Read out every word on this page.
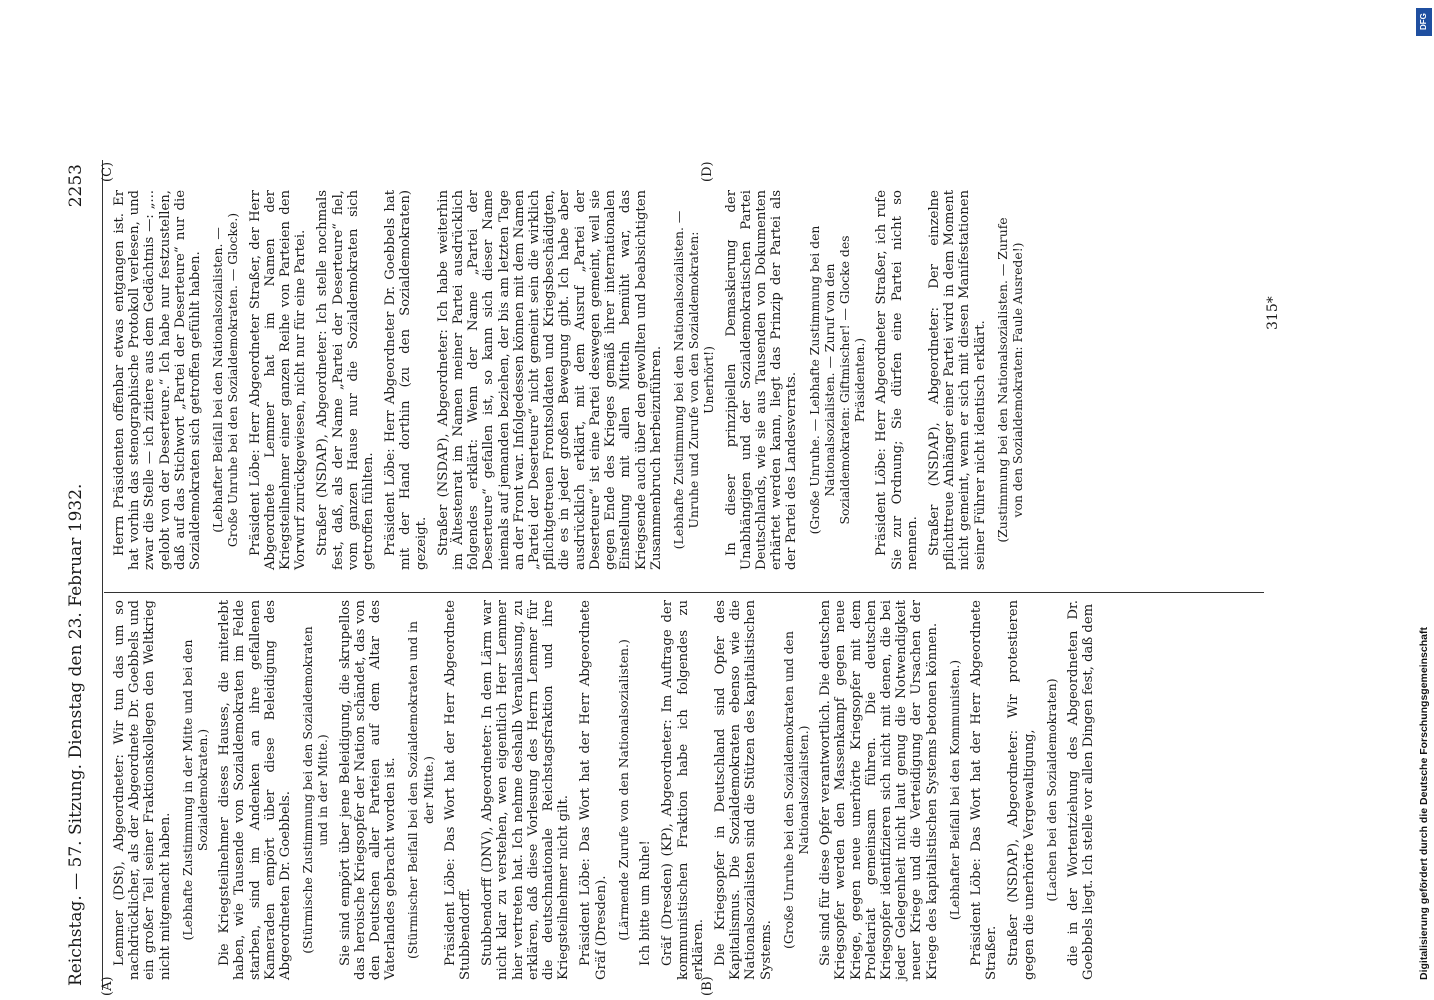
Reichstag. — 57. Sitzung. Dienstag den 23. Februar 1932.
2253

Lemmer (DSt), Abgeordneter: Wir tun das um so nachdrücklicher, als der Abgeordnete Dr. Goebbels und ein großer Teil seiner Fraktionskollegen den Weltkrieg nicht mitgemacht haben. (Lebhafte Zustimmung in der Mitte und bei den Sozialdemokraten.) Die Kriegsteilnehmer dieses Hauses, die miterlebt haben, wie Tausende von Sozialdemokraten im Felde starben, sind im Andenken an ihre gefallenen Kameraden empört über diese Beleidigung des Abgeordneten Dr. Goebbels. (Stürmische Zustimmung bei den Sozialdemokraten und in der Mitte.) Sie sind empört über jene Beleidigung, die skrupellos das heroische Kriegsopfer der Nation schändet, das von den Deutschen aller Parteien auf dem Altar des Vaterlandes gebracht worden ist. (Stürmischer Beifall bei den Sozialdemokraten und in der Mitte.) Präsident Löbe: Das Wort hat der Herr Abgeordnete Stubbendorff. Stubbendorff (DNV), Abgeordneter: In dem Lärm war nicht klar zu verstehen, wen eigentlich Herr Lemmer hier vertreten hat. Ich nehme deshalb Veranlassung, zu erklären, daß diese Vorlesung des Herrn Lemmer für die deutschnationale Reichstagsfraktion und ihre Kriegsteilnehmer nicht gilt. Präsident Löbe: Das Wort hat der Herr Abgeordnete Gräf (Dresden). (Lärmende Zurufe von den Nationalsozialisten.) Ich bitte um Ruhe! Gräf (Dresden) (KP), Abgeordneter: Im Auftrage der kommunistischen Fraktion habe ich folgendes zu erklären. Die Kriegsopfer in Deutschland sind Opfer des Kapitalismus. Die Sozialdemokraten ebenso wie die Nationalsozialisten sind die Stützen des kapitalistischen Systems.

(Große Unruhe bei den Sozialdemokraten und den Nationalsozialisten.) Sie sind für diese Opfer verantwortlich. Die deutschen Kriegsopfer werden den Massenkampf gegen neue Kriege, gegen neue unerhörte Kriegsopfer mit dem Proletariat gemeinsam führen. Die deutschen Kriegsopfer identifizieren sich nicht mit denen, die bei jeder Gelegenheit nicht laut genug die Notwendigkeit neuer Kriege und die Verteidigung der Ursachen der Kriege des kapitalistischen Systems betonen können. (Lebhafter Beifall bei den Kommunisten.) Präsident Löbe: Das Wort hat der Herr Abgeordnete Straßer. Straßer (NSDAP), Abgeordneter: Wir protestieren gegen die unerhörte Vergewaltigung, (Lachen bei den Sozialdemokraten) die in der Wortentziehung des Abgeordneten Dr. Goebbels liegt. Ich stelle vor allen Dingen fest, daß dem

Herrn Präsidenten offenbar etwas entgangen ist. Er hat vorhin das stenographische Protokoll verlesen, und zwar die Stelle — ich zitiere aus dem Gedächtnis —: „... gelobt von der Deserteure.“ Ich habe nur festzustellen, daß auf das Stichwort „Partei der Deserteure“ nur die Sozialdemokraten sich getroffen gefühlt haben. (Lebhafter Beifall bei den Nationalsozialisten. — Große Unruhe bei den Sozialdemokraten. — Glocke.) Präsident Löbe: Herr Abgeordneter Straßer, der Herr Abgeordnete Lemmer hat im Namen der Kriegsteilnehmer einer ganzen Reihe von Parteien den Vorwurf zurückgewiesen, nicht nur für eine Partei. Straßer (NSDAP), Abgeordneter: Ich stelle nochmals fest, daß, als der Name „Partei der Deserteure“ fiel, vom ganzen Hause nur die Sozialdemokraten sich getroffen fühlten. Präsident Löbe: Herr Abgeordneter Dr. Goebbels hat mit der Hand dorthin (zu den Sozialdemokraten) gezeigt. Straßer (NSDAP), Abgeordneter: Ich habe weiterhin im Ältestenrat im Namen meiner Partei ausdrücklich folgendes erklärt: Wenn der Name „Partei der Deserteure“ gefallen ist, so kann sich dieser Name niemals auf jemanden beziehen, der bis am letzten Tage an der Front war. Infolgedessen können mit dem Namen „Partei der Deserteure“ nicht gemeint sein die wirklich pflichtgetreuen Frontsoldaten und Kriegsbeschädigten, die es in jeder großen Bewegung gibt. Ich habe aber ausdrücklich erklärt, mit dem Ausruf „Partei der Deserteure“ ist eine Partei deswegen gemeint, weil sie gegen Ende des Krieges gemäß ihrer internationalen Einstellung mit allen Mitteln bemüht war, das Kriegsende auch über den gewollten und beabsichtigten Zusammenbruch herbeizuführen. (Lebhafte Zustimmung bei den Nationalsozialisten. — Unruhe und Zurufe von den Sozialdemokraten: Unerhört!) In dieser prinzipiellen Demaskierung der Unabhängigen und der Sozialdemokratischen Partei Deutschlands, wie sie aus Tausenden von Dokumenten erhärtet werden kann, liegt das Prinzip der Partei als der Partei des Landesverrats. (Große Unruhe. — Lebhafte Zustimmung bei den Nationalsozialisten. — Zuruf von den Sozialdemokraten: Giftmischer! — Glocke des Präsidenten.) Präsident Löbe: Herr Abgeordneter Straßer, ich rufe Sie zur Ordnung; Sie dürfen eine Partei nicht so nennen. Straßer (NSDAP), Abgeordneter: Der einzelne pflichttreue Anhänger einer Partei wird in dem Moment nicht gemeint, wenn er sich mit diesen Manifestationen seiner Führer nicht identisch erklärt. (Zustimmung bei den Nationalsozialisten. — Zurufe von den Sozialdemokraten: Faule Ausrede!)

(A)	(B)
(C)	(D)
315*
DFG
Digitalisierung gefördert durch die Deutsche Forschungsgemeinschaft
